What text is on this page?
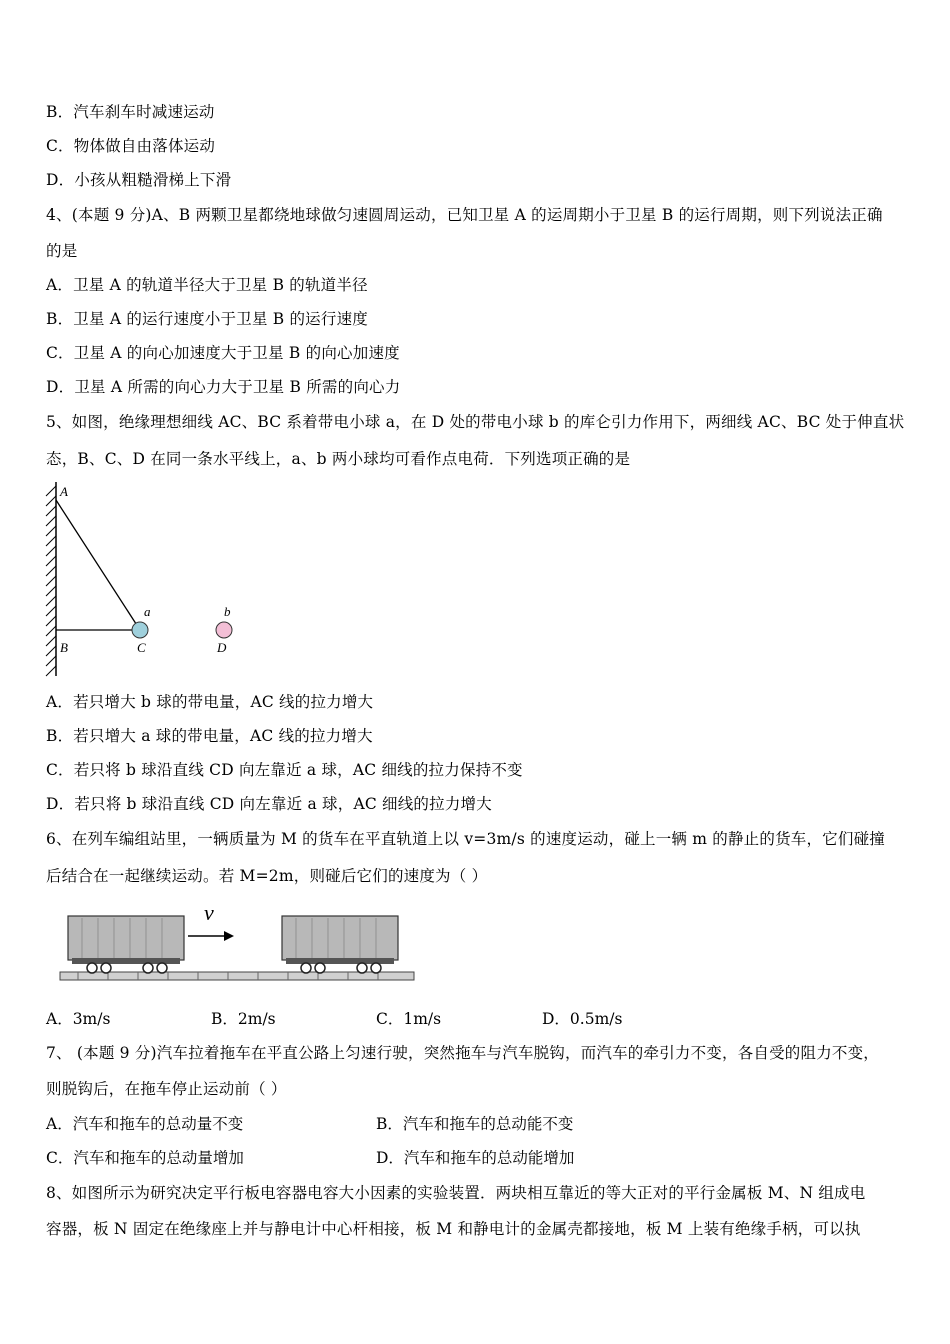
B．汽车刹车时减速运动
C．物体做自由落体运动
D．小孩从粗糙滑梯上下滑
4、(本题 9 分)A、B 两颗卫星都绕地球做匀速圆周运动，已知卫星 A 的运周期小于卫星 B 的运行周期，则下列说法正确
的是
A．卫星 A 的轨道半径大于卫星 B 的轨道半径
B．卫星 A 的运行速度小于卫星 B 的运行速度
C．卫星 A 的向心加速度大于卫星 B 的向心加速度
D．卫星 A 所需的向心力大于卫星 B 所需的向心力
5、如图，绝缘理想细线 AC、BC 系着带电小球 a，在 D 处的带电小球 b 的库仑引力作用下，两细线 AC、BC 处于伸直状
态，B、C、D 在同一条水平线上，a、b 两小球均可看作点电荷．下列选项正确的是
A
B	C	D
a	b
A．若只增大 b 球的带电量，AC 线的拉力增大
B．若只增大 a 球的带电量，AC 线的拉力增大
C．若只将 b 球沿直线 CD 向左靠近 a 球，AC 细线的拉力保持不变
D．若只将 b 球沿直线 CD 向左靠近 a 球，AC 细线的拉力增大
6、在列车编组站里，一辆质量为 M 的货车在平直轨道上以 v=3m/s 的速度运动，碰上一辆 m 的静止的货车，它们碰撞
后结合在一起继续运动。若 M=2m，则碰后它们的速度为（ ）
v
A．3m/s	B．2m/s	C．1m/s	D．0.5m/s
7、 (本题 9 分)汽车拉着拖车在平直公路上匀速行驶，突然拖车与汽车脱钩，而汽车的牵引力不变，各自受的阻力不变，
则脱钩后，在拖车停止运动前（ ）
A．汽车和拖车的总动量不变	B．汽车和拖车的总动能不变
C．汽车和拖车的总动量增加	D．汽车和拖车的总动能增加
8、如图所示为研究决定平行板电容器电容大小因素的实验装置．两块相互靠近的等大正对的平行金属板 M、N 组成电
容器，板 N 固定在绝缘座上并与静电计中心杆相接，板 M 和静电计的金属壳都接地，板 M 上装有绝缘手柄，可以执
